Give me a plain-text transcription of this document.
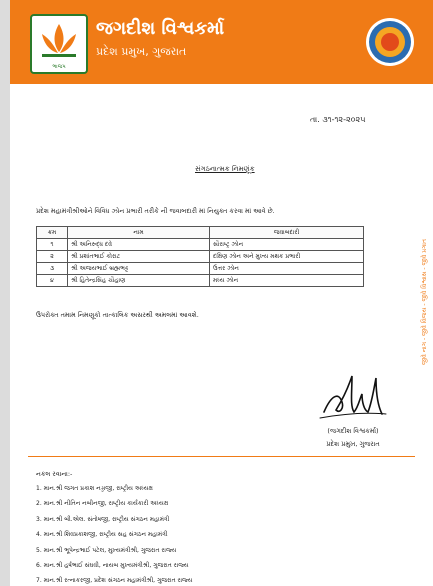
ભાજપ
જગદીશ વિશ્વકર્મા
પ્રદેશ પ્રમુખ, ગુજરાત
તા. ૩૧-૧૨-૨૦૨૫
સંગઠનાત્મક નિમણૂંક
પ્રદેશ મહામંત્રીશ્રીઓને વિવિધ ઝોન પ્રભારી તરીકે ની જવાબદારી માં નિયુક્ત કરવા માં આવે છે.
ક્રમ	નામ	જવાબદારી
૧	શ્રી અનિરુદ્ધ દવે	સૌરાષ્ટ્ર ઝોન
૨	શ્રી પ્રશાંતભાઈ કોરાટ	દક્ષિણ ઝોન અને મુખ્ય મથક પ્રભારી
૩	શ્રી અજયભાઈ બ્રહ્મભટ્ટ	ઉત્તર ઝોન
૪	શ્રી હિતેન્દ્રસિંહ ચૌહાણ	મધ્ય ઝોન
ઉપરોક્ત તમામ નિમણૂકો તાત્કાલિક અસરથી અમલમાં આવશે.
(જગદીશ વિશ્વકર્મા)
પ્રદેશ પ્રમુખ, ગુજરાત
જીવે નાગ - જીવે વિજય - જીવે વિશ્વાસ - જીવે પ્રગાત
નકલ રવાના:-
1. માન.શ્રી જગત પ્રકાશ નડ્ડાજી, રાષ્ટ્રીય અધ્યક્ષ
2. માન.શ્રી નીતિન નબીનજી, રાષ્ટ્રીય કાર્યકારી અધ્યક્ષ
3. માન.શ્રી બી.એલ. સંતોષજી, રાષ્ટ્રીય સંગઠન મહામંત્રી
4. માન.શ્રી શિવપ્રકાશજી, રાષ્ટ્રીય સહ સંગઠન મહામંત્રી
5. માન.શ્રી ભૂપેન્દ્રભાઈ પટેલ, મુખ્યમંત્રીશ્રી, ગુજરાત રાજ્ય
6. માન.શ્રી હર્ષભાઈ સંઘવી, નાયબ મુખ્યમંત્રીશ્રી, ગુજરાત રાજ્ય
7. માન.શ્રી રત્નાકરજી, પ્રદેશ સંગઠન મહામંત્રીશ્રી, ગુજરાત રાજ્ય
